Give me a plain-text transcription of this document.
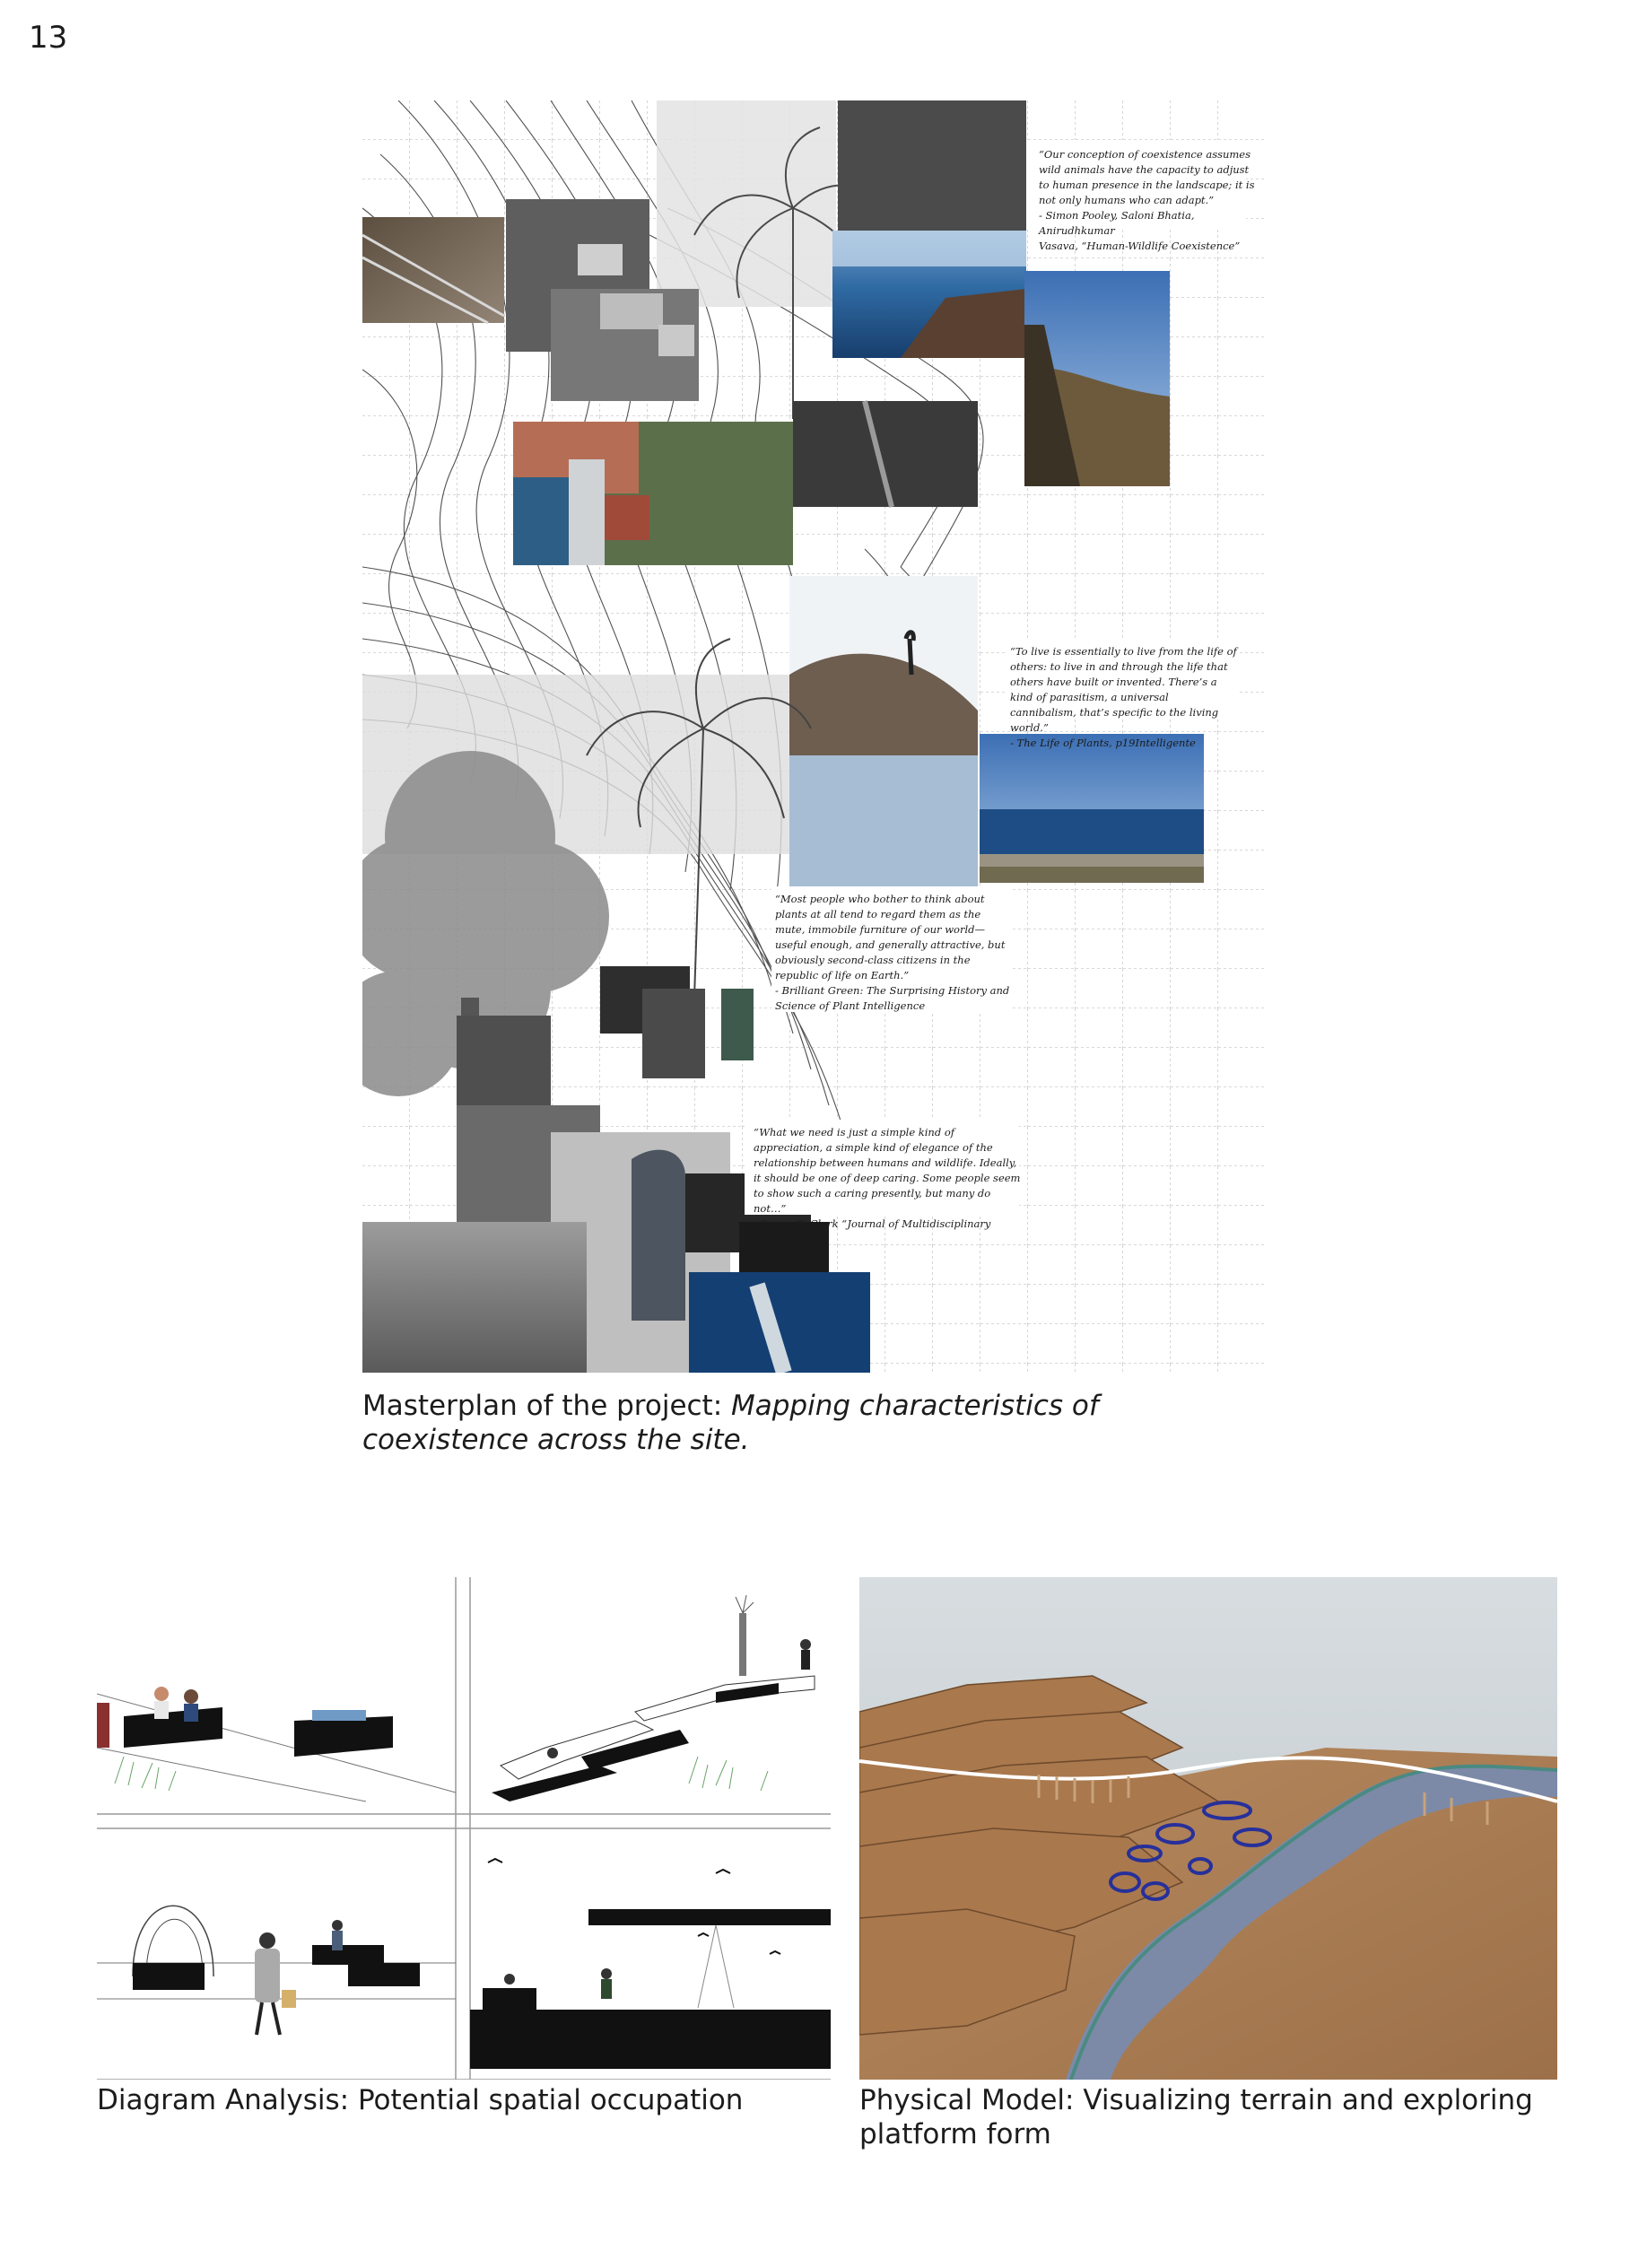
13
“Our conception of coexistence assumes wild animals have the capacity to adjust to human presence in the landscape; it is not only humans who can adapt.”
- Simon Pooley, Saloni Bhatia, Anirudhkumar
Vasava, “Human-Wildlife Coexistence”
“To live is essentially to live from the life of others: to live in and through the life that others have built or invented. There’s a kind of parasitism, a universal cannibalism, that’s specific to the living world.”
- The Life of Plants, p19Intelligente
“Most people who bother to think about plants at all tend to regard them as the mute, immobile furniture of our world—useful enough, and generally attractive, but obviously second-class citizens in the republic of life on Earth.”
- Brilliant Green: The Surprising History and Science of Plant Intelligence
“What we need is just a simple kind of appreciation, a simple kind of elegance of the relationship between humans and wildlife. Ideally, it should be one of deep caring. Some people seem to show such a caring presently, but many do not…”
- Susan G. Clark “Journal of Multidisciplinary Reserach”
Masterplan of the project: Mapping characteristics of coexistence across the site.
Diagram Analysis: Potential spatial occupation	Physical Model: Visualizing terrain and exploring platform form
